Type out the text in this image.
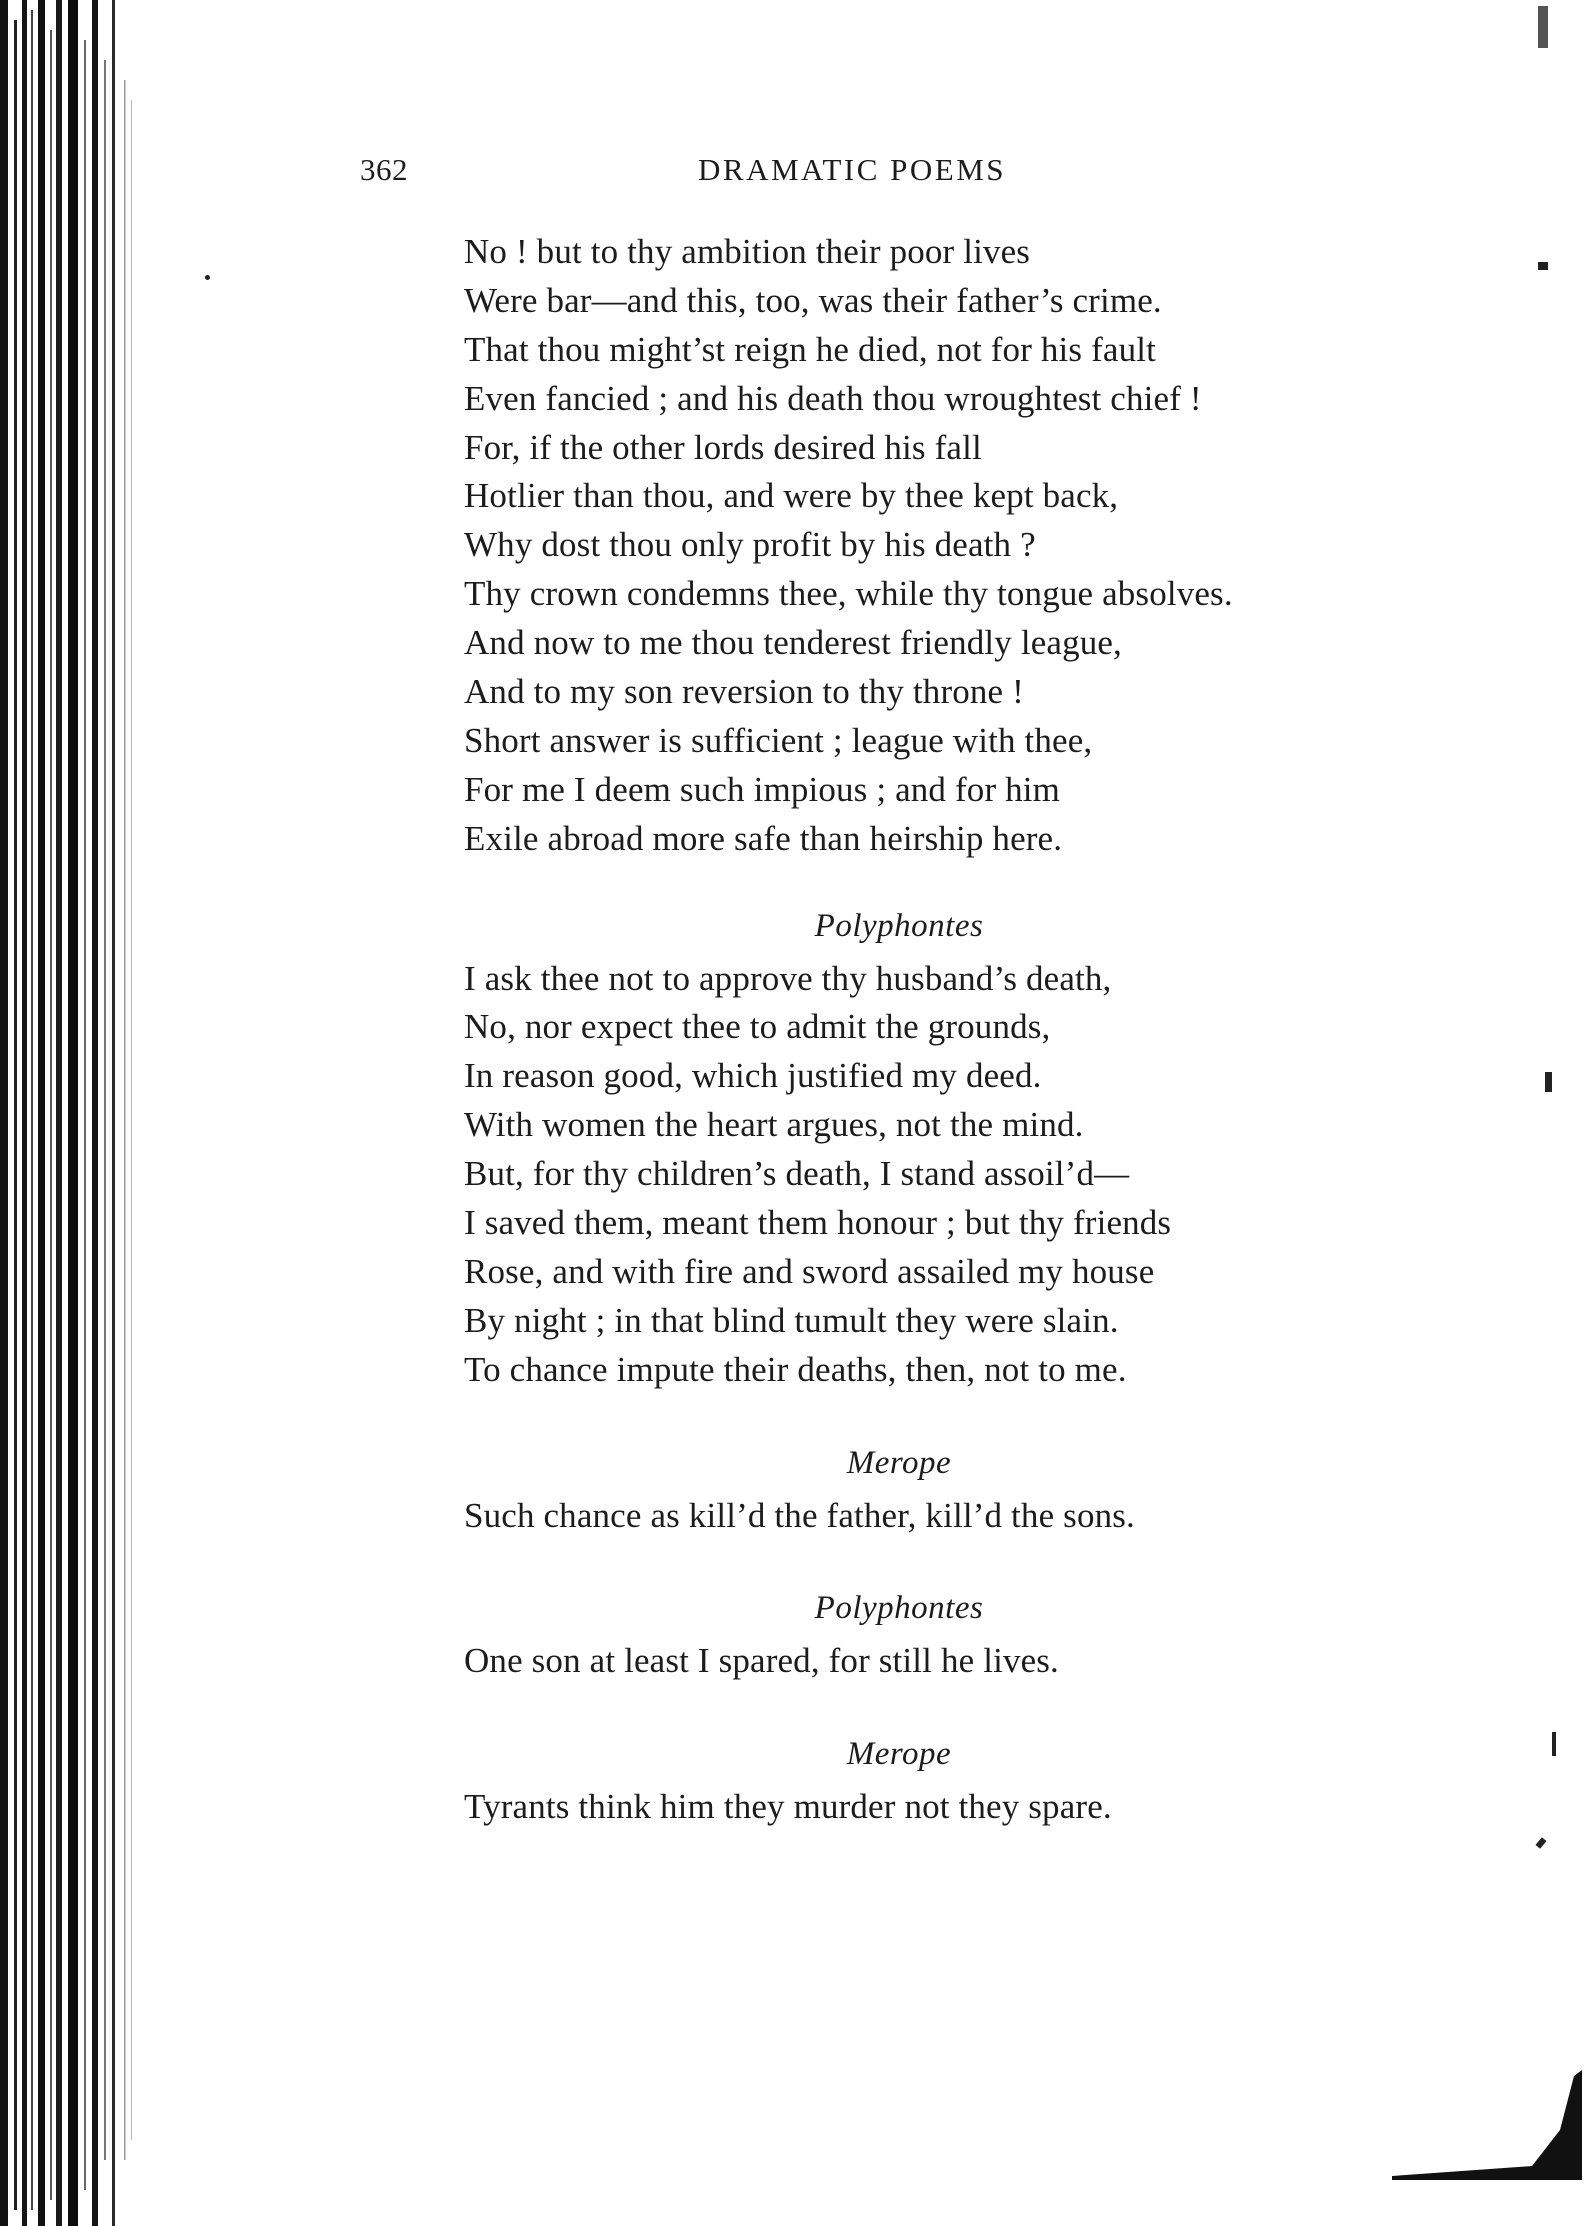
362	DRAMATIC POEMS
No ! but to thy ambition their poor lives
Were bar—and this, too, was their father’s crime.
That thou might’st reign he died, not for his fault
Even fancied ; and his death thou wroughtest chief !
For, if the other lords desired his fall
Hotlier than thou, and were by thee kept back,
Why dost thou only profit by his death ?
Thy crown condemns thee, while thy tongue absolves.
And now to me thou tenderest friendly league,
And to my son reversion to thy throne !
Short answer is sufficient ; league with thee,
For me I deem such impious ; and for him
Exile abroad more safe than heirship here.
Polyphontes
I ask thee not to approve thy husband’s death,
No, nor expect thee to admit the grounds,
In reason good, which justified my deed.
With women the heart argues, not the mind.
But, for thy children’s death, I stand assoil’d—
I saved them, meant them honour ; but thy friends
Rose, and with fire and sword assailed my house
By night ; in that blind tumult they were slain.
To chance impute their deaths, then, not to me.
Merope
Such chance as kill’d the father, kill’d the sons.
Polyphontes
One son at least I spared, for still he lives.
Merope
Tyrants think him they murder not they spare.
